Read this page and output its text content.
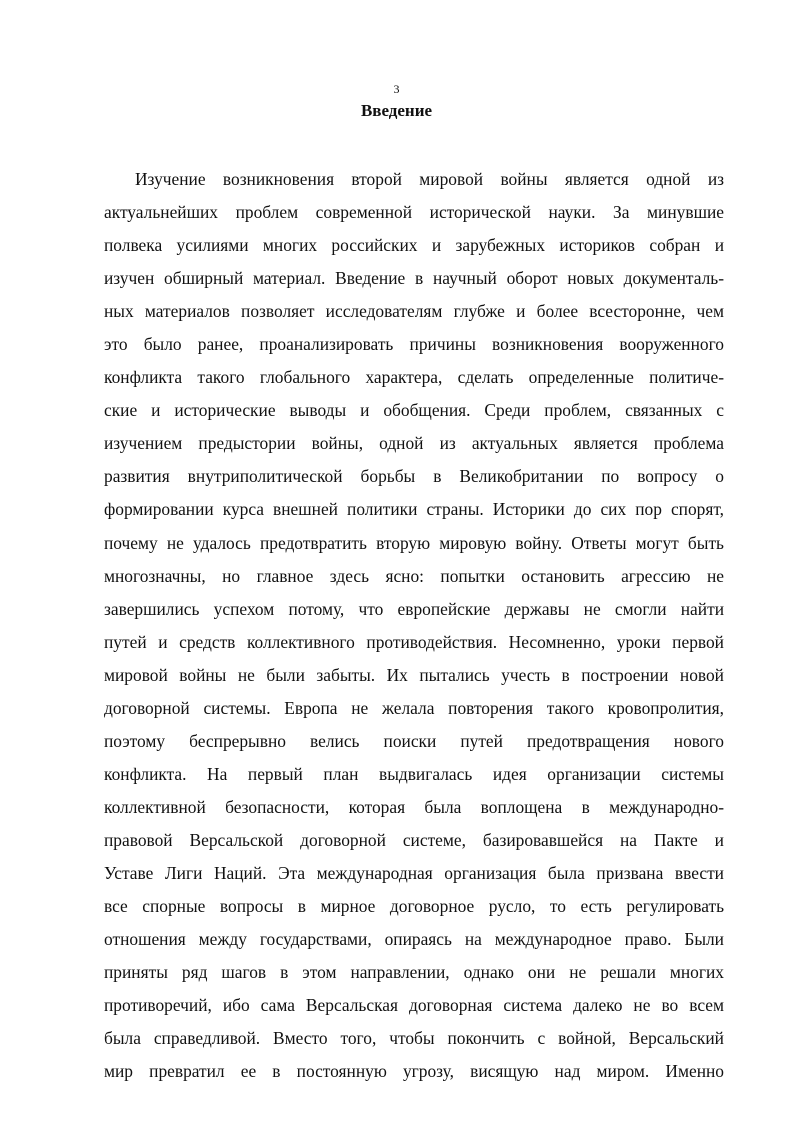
3
Введение
Изучение возникновения второй мировой войны является одной из
актуальнейших проблем современной исторической науки. За минувшие
полвека усилиями многих российских и зарубежных историков собран и
изучен обширный материал. Введение в научный оборот новых документаль-
ных материалов позволяет исследователям глубже и более всесторонне, чем
это было ранее, проанализировать причины возникновения вооруженного
конфликта такого глобального характера, сделать определенные политиче-
ские и исторические выводы и обобщения. Среди проблем, связанных с
изучением предыстории войны, одной из актуальных является проблема
развития внутриполитической борьбы в Великобритании по вопросу о
формировании курса внешней политики страны. Историки до сих пор спорят,
почему не удалось предотвратить вторую мировую войну. Ответы могут быть
многозначны, но главное здесь ясно: попытки остановить агрессию не
завершились успехом потому, что европейские державы не смогли найти
путей и средств коллективного противодействия. Несомненно, уроки первой
мировой войны не были забыты. Их пытались учесть в построении новой
договорной системы. Европа не желала повторения такого кровопролития,
поэтому беспрерывно велись поиски путей предотвращения нового
конфликта. На первый план выдвигалась идея организации системы
коллективной безопасности, которая была воплощена в международно-
правовой Версальской договорной системе, базировавшейся на Пакте и
Уставе Лиги Наций. Эта международная организация была призвана ввести
все спорные вопросы в мирное договорное русло, то есть регулировать
отношения между государствами, опираясь на международное право. Были
приняты ряд шагов в этом направлении, однако они не решали многих
противоречий, ибо сама Версальская договорная система далеко не во всем
была справедливой. Вместо того, чтобы покончить с войной, Версальский
мир превратил ее в постоянную угрозу, висящую над миром. Именно
